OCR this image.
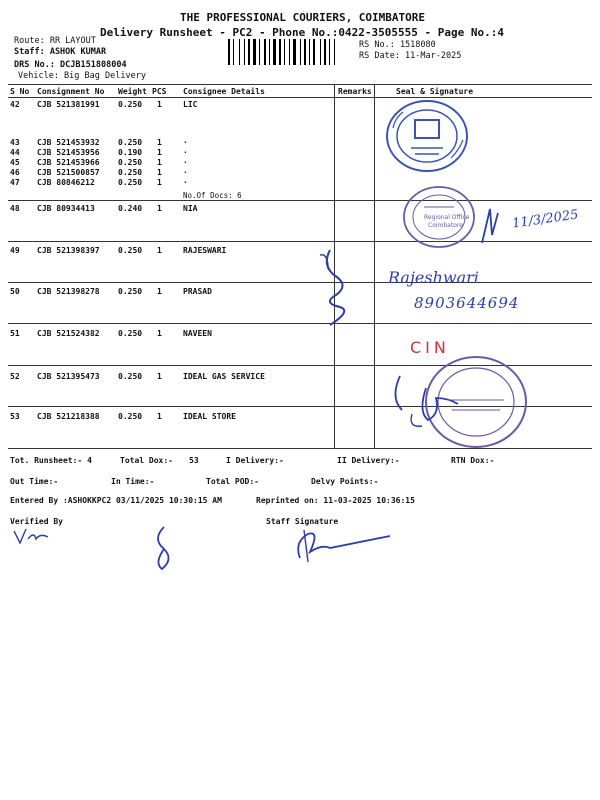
THE PROFESSIONAL COURIERS, COIMBATORE
Delivery Runsheet - PC2 - Phone No.:0422-3505555 - Page No.:4
Route: RR LAYOUT
Staff: ASHOK KUMAR
DRS No.: DCJB151808004
Vehicle: Big Bag Delivery
RS No.: 1518080
RS Date: 11-Mar-2025
S No Consignment No Weight PCS Consignee Details	Remarks	Seal & Signature
42 CJB 521381991 0.250 1	LIC
43 CJB 521453932 0.250 1	.
44 CJB 521453956 0.190 1	.
45 CJB 521453966 0.250 1	.
46 CJB 521500857 0.250 1	.
47 CJB 80846212	0.250 1	.
No.Of Docs: 6
48 CJB 80934413	0.240 1	NIA
49 CJB 521398397 0.250 1	RAJESWARI
50 CJB 521398278 0.250 1	PRASAD
51 CJB 521524382 0.250 1	NAVEEN
52 CJB 521395473 0.250 1	IDEAL GAS SERVICE
53 CJB 521218388 0.250 1	IDEAL STORE
Tot. Runsheet:- 4	Total Dox:- 53	I Delivery:-	II Delivery:-	RTN Dox:-
Out Time:-	In Time:-	Total POD:-	Delvy Points:-
Entered By :ASHOKKPC2 03/11/2025 10:30:15 AM	Reprinted on: 11-03-2025 10:36:15
Verified By	Staff Signature
Regional Office
Coimbatore	11/3/2025
Rajeshwari
8903644694
CIN
